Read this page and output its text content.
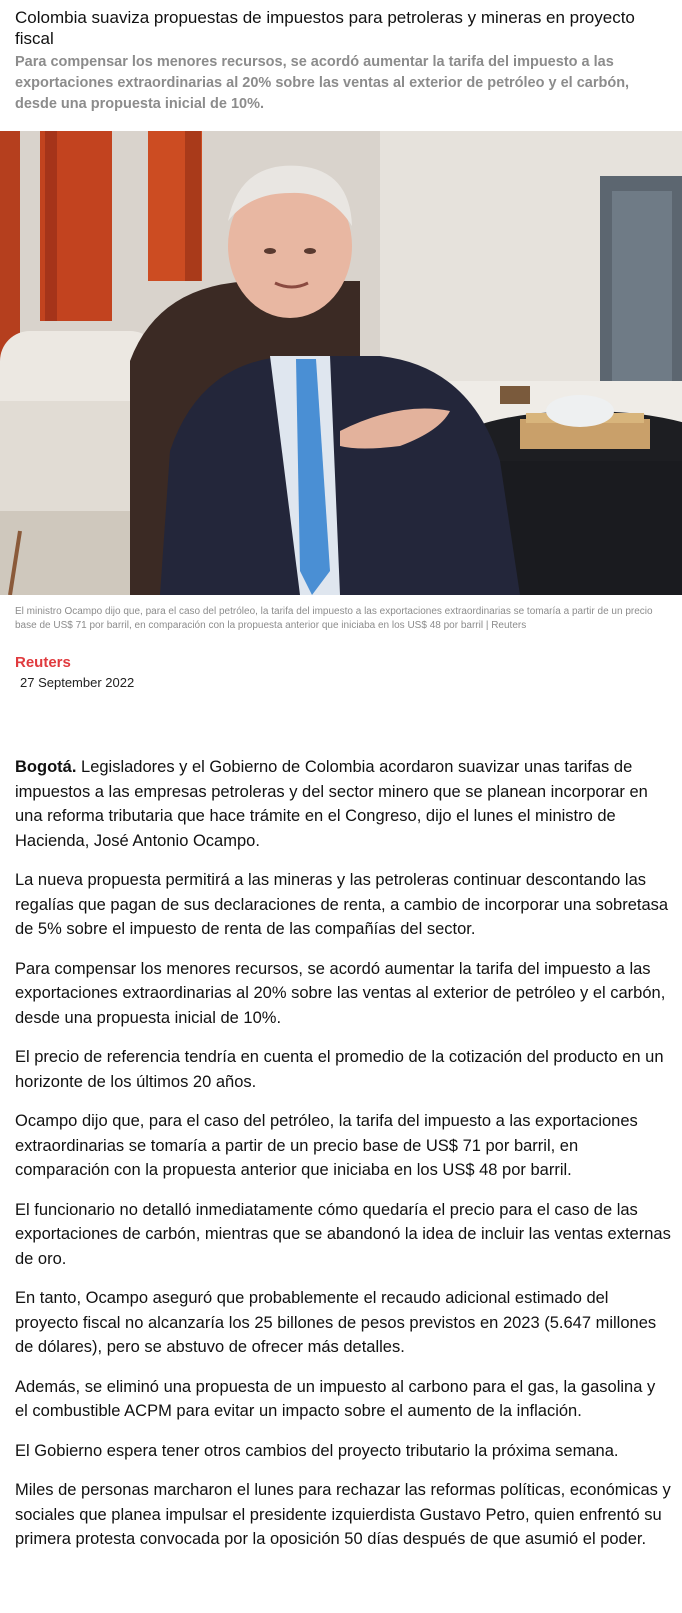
Colombia suaviza propuestas de impuestos para petroleras y mineras en proyecto fiscal

Para compensar los menores recursos, se acordó aumentar la tarifa del impuesto a las exportaciones extraordinarias al 20% sobre las ventas al exterior de petróleo y el carbón, desde una propuesta inicial de 10%.

El ministro Ocampo dijo que, para el caso del petróleo, la tarifa del impuesto a las exportaciones extraordinarias se tomaría a partir de un precio base de US$ 71 por barril, en comparación con la propuesta anterior que iniciaba en los US$ 48 por barril | Reuters
Reuters
27 September 2022

Bogotá. Legisladores y el Gobierno de Colombia acordaron suavizar unas tarifas de impuestos a las empresas petroleras y del sector minero que se planean incorporar en una reforma tributaria que hace trámite en el Congreso, dijo el lunes el ministro de Hacienda, José Antonio Ocampo.

La nueva propuesta permitirá a las mineras y las petroleras continuar descontando las regalías que pagan de sus declaraciones de renta, a cambio de incorporar una sobretasa de 5% sobre el impuesto de renta de las compañías del sector.

Para compensar los menores recursos, se acordó aumentar la tarifa del impuesto a las exportaciones extraordinarias al 20% sobre las ventas al exterior de petróleo y el carbón, desde una propuesta inicial de 10%.

El precio de referencia tendría en cuenta el promedio de la cotización del producto en un horizonte de los últimos 20 años.

Ocampo dijo que, para el caso del petróleo, la tarifa del impuesto a las exportaciones extraordinarias se tomaría a partir de un precio base de US$ 71 por barril, en comparación con la propuesta anterior que iniciaba en los US$ 48 por barril.

El funcionario no detalló inmediatamente cómo quedaría el precio para el caso de las exportaciones de carbón, mientras que se abandonó la idea de incluir las ventas externas de oro.

En tanto, Ocampo aseguró que probablemente el recaudo adicional estimado del proyecto fiscal no alcanzaría los 25 billones de pesos previstos en 2023 (5.647 millones de dólares), pero se abstuvo de ofrecer más detalles.

Además, se eliminó una propuesta de un impuesto al carbono para el gas, la gasolina y el combustible ACPM para evitar un impacto sobre el aumento de la inflación.

El Gobierno espera tener otros cambios del proyecto tributario la próxima semana.

Miles de personas marcharon el lunes para rechazar las reformas políticas, económicas y sociales que planea impulsar el presidente izquierdista Gustavo Petro, quien enfrentó su primera protesta convocada por la oposición 50 días después de que asumió el poder.
